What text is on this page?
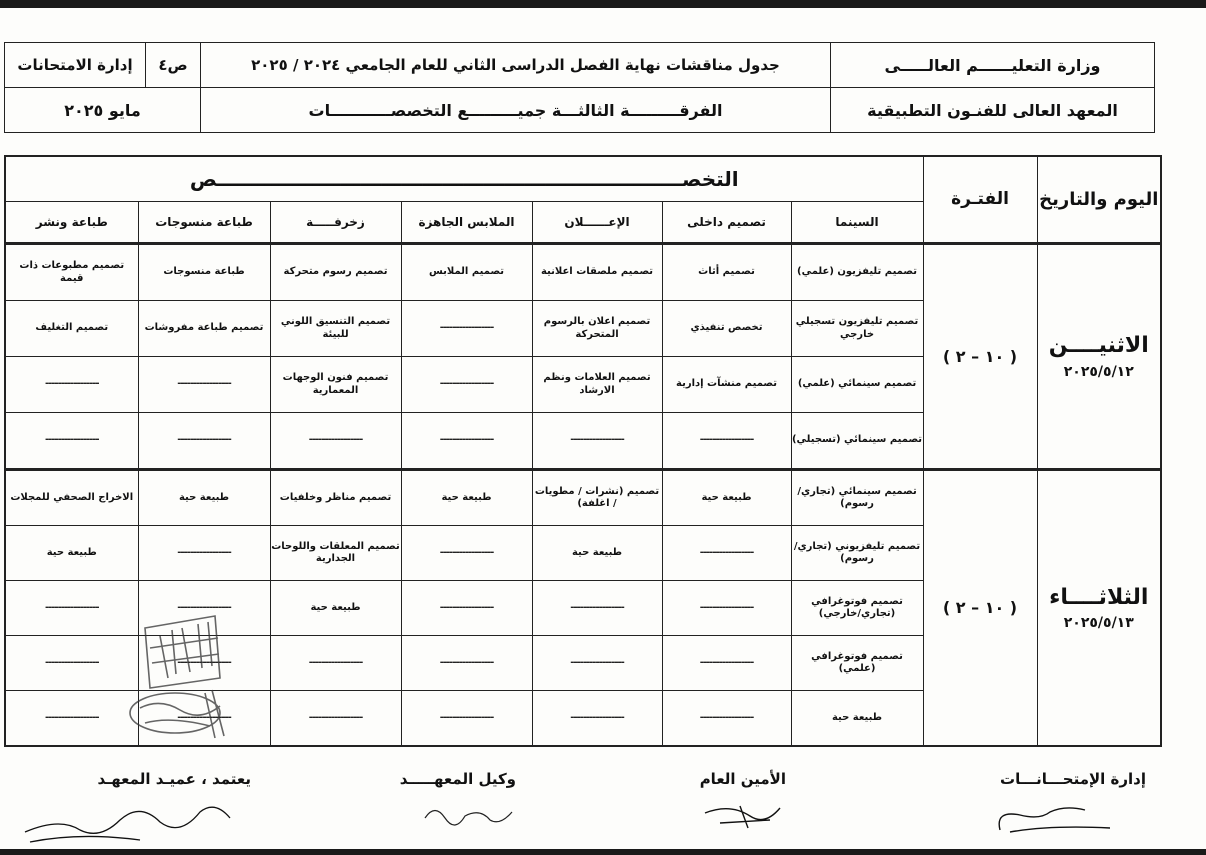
وزارة التعليــــــم العالـــــى	جدول مناقشات نهاية الفصل الدراسى الثاني للعام الجامعي ٢٠٢٤ / ٢٠٢٥	ص٤	إدارة الامتحانات
المعهد العالى للفنـون التطبيقية	الفرقـــــــــة الثالثـــة جميـــــــــع التخصصـــــــــــات	مايو ٢٠٢٥	
اليوم والتاريخ	الفتـرة	التخصــــــــــــــــــــــــــــــــــــــــــــــــــــــــــــــــــــص						
		السينما	تصميم داخلى	الإعــــــلان	الملابس الجاهزة	زخرفـــــة	طباعة منسوجات	طباعة ونشر

الاثنيــــن
٢٠٢٥/٥/١٢	( ١٠ – ٢ )	تصميم تليفزيون (علمي)	تصميم أثاث	تصميم ملصقات اعلانية	تصميم الملابس	تصميم رسوم متحركة	طباعة منسوجات	تصميم مطبوعات ذات قيمة
		تصميم تليفزيون تسجيلي خارجي	تخصص تنفيذي	تصميم اعلان بالرسوم المتحركة	-----------------	تصميم التنسيق اللوني للبيئة	تصميم طباعة مفروشات	تصميم التغليف
		تصميم سينمائي (علمي)	تصميم منشآت إدارية	تصميم العلامات ونظم الارشاد	-----------------	تصميم فنون الوجهات المعمارية	-----------------	-----------------
		تصميم سينمائي (تسجيلي)	-----------------	-----------------	-----------------	-----------------	-----------------	-----------------

الثلاثــــاء
٢٠٢٥/٥/١٣	( ١٠ – ٢ )	تصميم سينمائي (تجاري/رسوم)	طبيعة حية	تصميم (نشرات / مطويات / اغلفة)	طبيعة حية	تصميم مناظر وخلفيات	طبيعة حية	الاخراج الصحفي للمجلات
		تصميم تليفزيوني (تجاري/رسوم)	-----------------	طبيعة حية	-----------------	تصميم المعلقات واللوحات الجدارية	-----------------	طبيعة حية
		تصميم فوتوغرافي (تجاري/خارجي)	-----------------	-----------------	-----------------	طبيعة حية	-----------------	-----------------
		تصميم فوتوغرافي (علمي)	-----------------	-----------------	-----------------	-----------------	-----------------	-----------------
		طبيعة حية	-----------------	-----------------	-----------------	-----------------	-----------------	-----------------
إدارة الإمتحـــانـــات
الأمين العام
وكيل المعهـــــد
يعتمد ، عميـد المعهـد
